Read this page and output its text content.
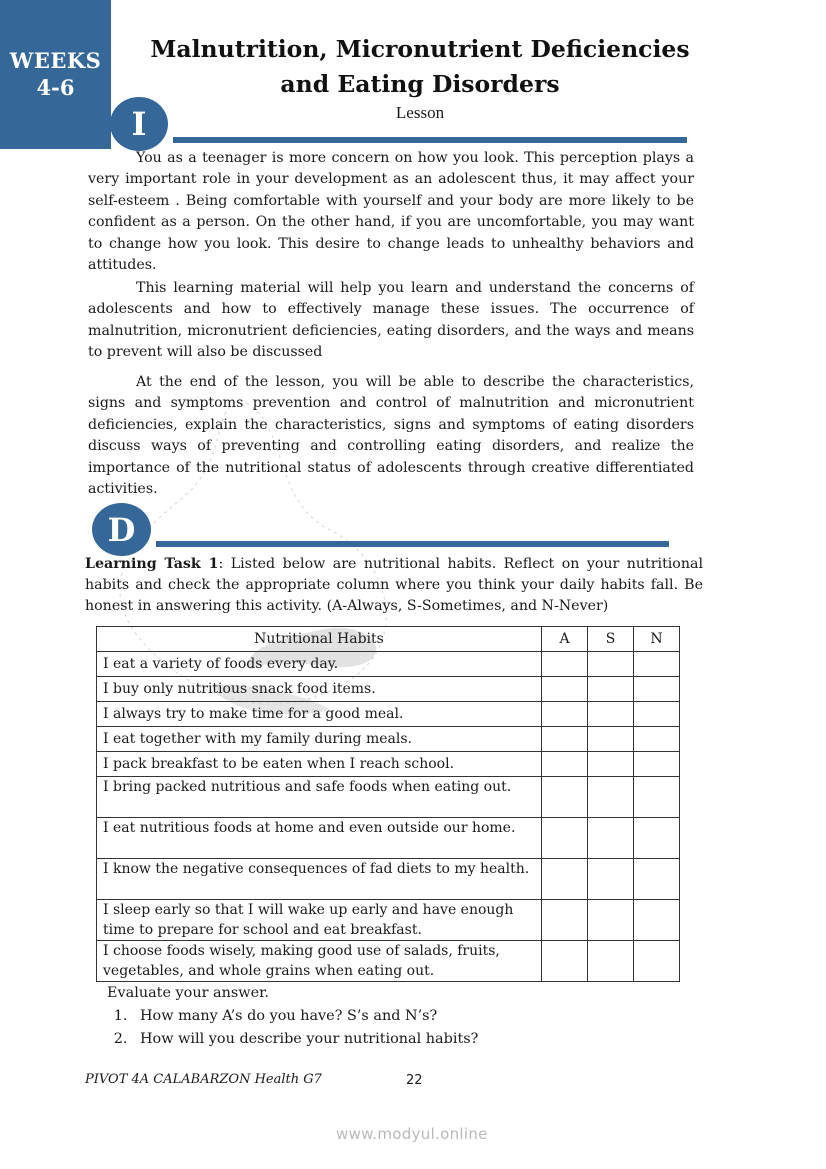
WEEKS
4-6
Malnutrition, Micronutrient Deficiencies
and Eating Disorders
Lesson
I

You as a teenager is more concern on how you look. This perception plays a very important role in your development as an adolescent thus, it may affect your self-esteem . Being comfortable with yourself and your body are more likely to be confident as a person. On the other hand, if you are uncomfortable, you may want to change how you look. This desire to change leads to unhealthy behaviors and attitudes.

This learning material will help you learn and understand the concerns of adolescents and how to effectively manage these issues. The occurrence of malnutrition, micronutrient deficiencies, eating disorders, and the ways and means to prevent will also be discussed

At the end of the lesson, you will be able to describe the characteristics, signs and symptoms prevention and control of malnutrition and micronutrient deficiencies, explain the characteristics, signs and symptoms of eating disorders discuss ways of preventing and controlling eating disorders, and realize the importance of the nutritional status of adolescents through creative differentiated activities.

D

Learning Task 1: Listed below are nutritional habits. Reflect on your nutritional habits and check the appropriate column where you think your daily habits fall. Be honest in answering this activity. (A-Always, S-Sometimes, and N-Never)

Nutritional Habits	A	S	N
I eat a variety of foods every day.			
I buy only nutritious snack food items.			
I always try to make time for a good meal.			
I eat together with my family during meals.			
I pack breakfast to be eaten when I reach school.			
I bring packed nutritious and safe foods when eating out.			
I eat nutritious foods at home and even outside our home.			
I know the negative consequences of fad diets to my health.			
I sleep early so that I will wake up early and have enough time to prepare for school and eat breakfast.			
I choose foods wisely, making good use of salads, fruits, vegetables, and whole grains when eating out.			
Evaluate your answer.
1. How many A’s do you have? S’s and N’s?
2. How will you describe your nutritional habits?
PIVOT 4A CALABARZON Health G7	22
www.modyul.online
